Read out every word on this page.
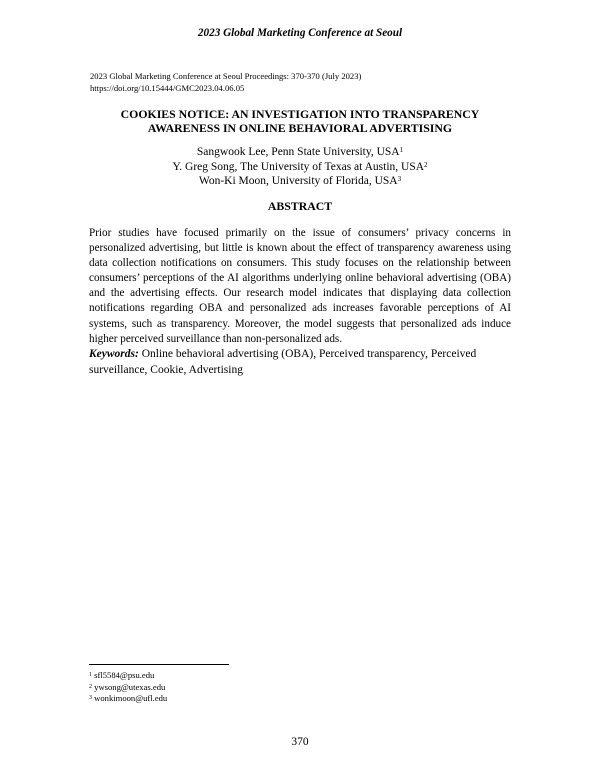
2023 Global Marketing Conference at Seoul
2023 Global Marketing Conference at Seoul Proceedings: 370-370 (July 2023)
https://doi.org/10.15444/GMC2023.04.06.05
COOKIES NOTICE: AN INVESTIGATION INTO TRANSPARENCY
AWARENESS IN ONLINE BEHAVIORAL ADVERTISING
Sangwook Lee, Penn State University, USA$^1$
Y. Greg Song, The University of Texas at Austin, USA$^2$
Won-Ki Moon, University of Florida, USA$^3$
ABSTRACT
Prior studies have focused primarily on the issue of consumers’ privacy concerns in personalized advertising, but little is known about the effect of transparency awareness using data collection notifications on consumers. This study focuses on the relationship between consumers’ perceptions of the AI algorithms underlying online behavioral advertising (OBA) and the advertising effects. Our research model indicates that displaying data collection notifications regarding OBA and personalized ads increases favorable perceptions of AI systems, such as transparency. Moreover, the model suggests that personalized ads induce higher perceived surveillance than non-personalized ads.
Keywords: Online behavioral advertising (OBA), Perceived transparency, Perceived surveillance, Cookie, Advertising
$^1$ sfl5584@psu.edu
$^2$ ywsong@utexas.edu
$^3$ wonkimoon@ufl.edu
370
